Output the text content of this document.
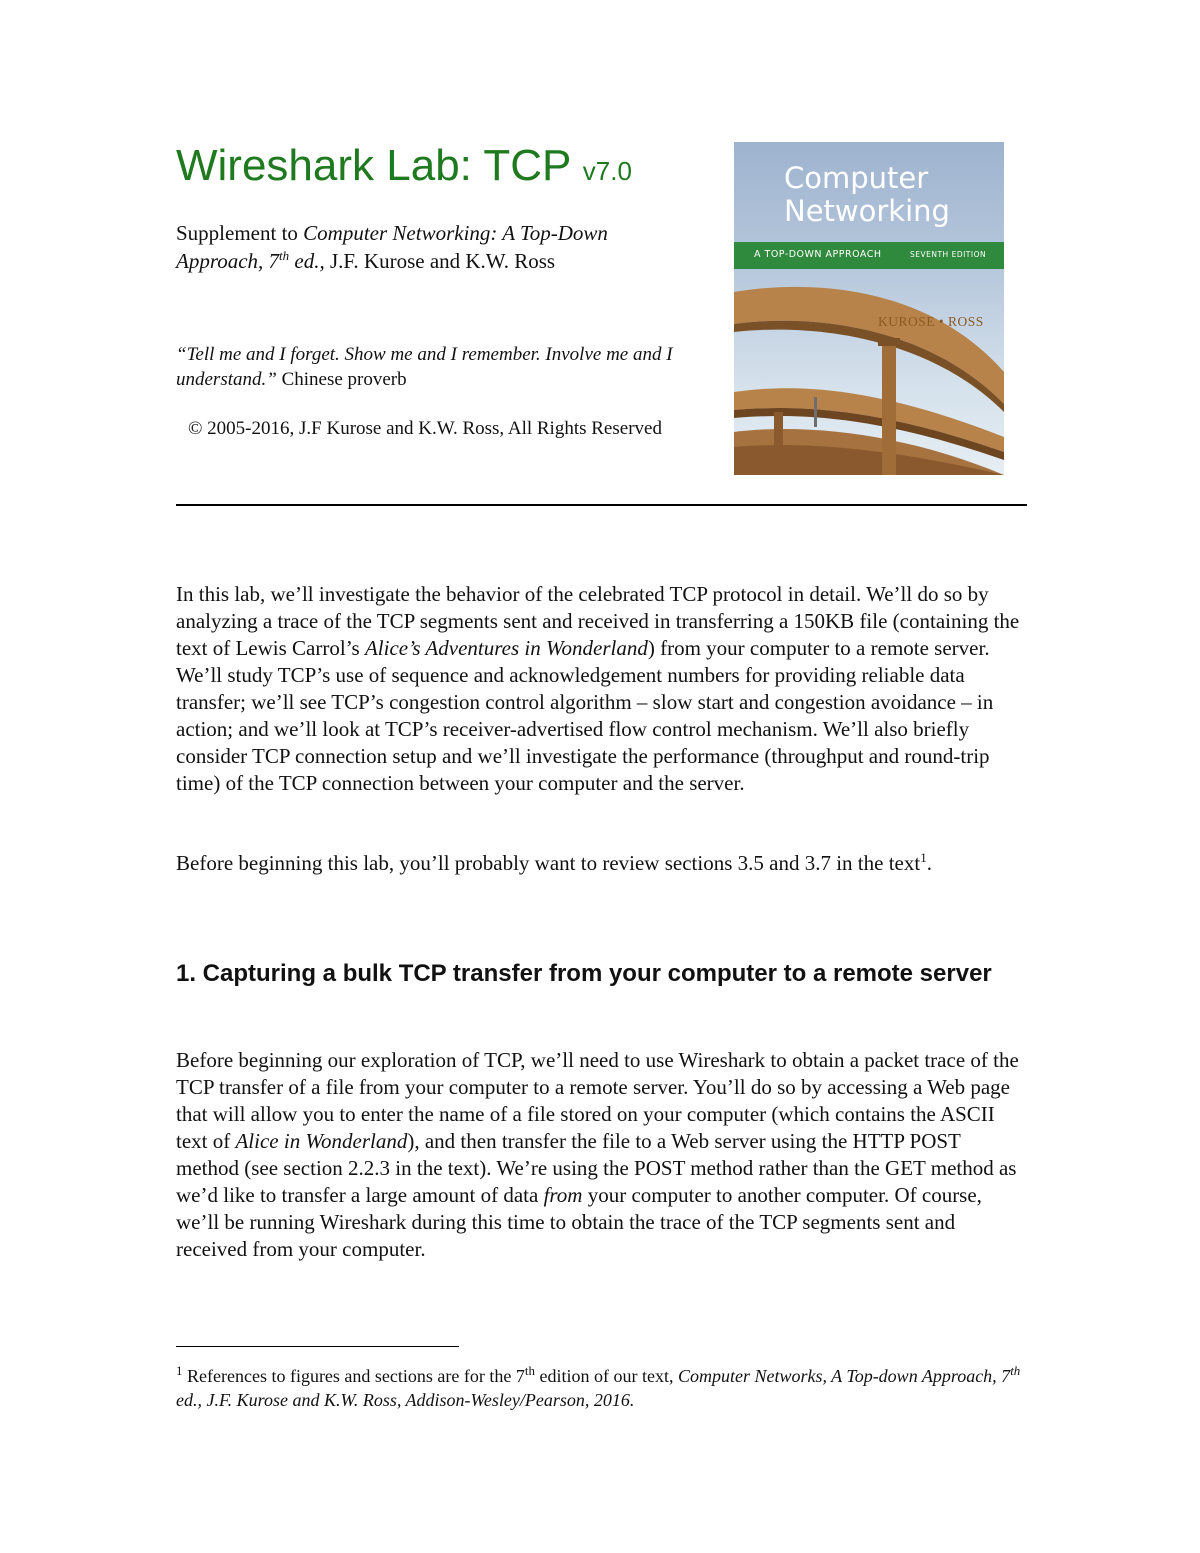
Wireshark Lab: TCP v7.0
Supplement to Computer Networking: A Top-Down Approach, 7th ed., J.F. Kurose and K.W. Ross
“Tell me and I forget. Show me and I remember. Involve me and I understand.” Chinese proverb
© 2005-2016, J.F Kurose and K.W. Ross, All Rights Reserved
Computer
Networking
A TOP-DOWN APPROACH	SEVENTH EDITION
KUROSE • ROSS

In this lab, we’ll investigate the behavior of the celebrated TCP protocol in detail. We’ll do so by analyzing a trace of the TCP segments sent and received in transferring a 150KB file (containing the text of Lewis Carrol’s Alice’s Adventures in Wonderland) from your computer to a remote server. We’ll study TCP’s use of sequence and acknowledgement numbers for providing reliable data transfer; we’ll see TCP’s congestion control algorithm – slow start and congestion avoidance – in action; and we’ll look at TCP’s receiver-advertised flow control mechanism. We’ll also briefly consider TCP connection setup and we’ll investigate the performance (throughput and round-trip time) of the TCP connection between your computer and the server.

Before beginning this lab, you’ll probably want to review sections 3.5 and 3.7 in the text$^1$.

1. Capturing a bulk TCP transfer from your computer to a remote server

Before beginning our exploration of TCP, we’ll need to use Wireshark to obtain a packet trace of the TCP transfer of a file from your computer to a remote server. You’ll do so by accessing a Web page that will allow you to enter the name of a file stored on your computer (which contains the ASCII text of Alice in Wonderland), and then transfer the file to a Web server using the HTTP POST method (see section 2.2.3 in the text). We’re using the POST method rather than the GET method as we’d like to transfer a large amount of data from your computer to another computer. Of course, we’ll be running Wireshark during this time to obtain the trace of the TCP segments sent and received from your computer.

$^1$ References to figures and sections are for the 7th edition of our text, Computer Networks, A Top-down Approach, 7th ed., J.F. Kurose and K.W. Ross, Addison-Wesley/Pearson, 2016.
